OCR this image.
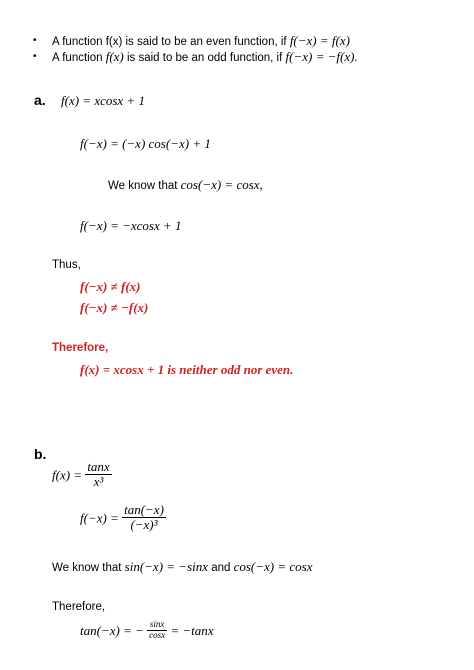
• A function f(x) is said to be an even function, if f(−x) = f(x)
• A function f(x) is said to be an odd function, if f(−x) = −f(x).
a. f(x) = xcosx + 1
f(−x) = (−x) cos(−x) + 1
We know that cos(−x) = cosx,
f(−x) = −xcosx + 1
Thus,
f(−x) ≠ f(x)
f(−x) ≠ −f(x)
Therefore,
f(x) = xcosx + 1 is neither odd nor even.
b.
$f(x) = \frac{\tan x}{\text{x³}}$
$f(-x) = \frac{\tan(-x)}{\text{(−x)³}}$
We know that sin(−x) = −sinx and cos(−x) = cosx
Therefore,
tan(−x) = − $\frac{\sin x}{\cos x} = -\tan x$
